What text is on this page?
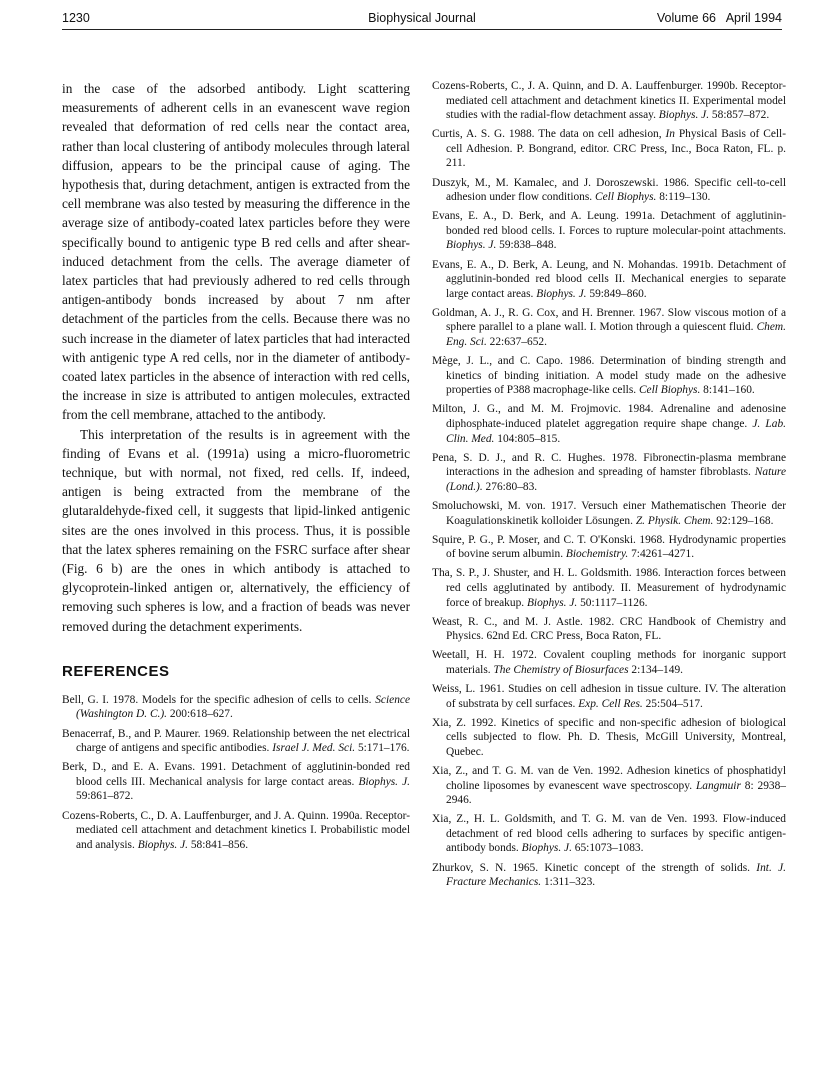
1230	Biophysical Journal	Volume 66   April 1994

in the case of the adsorbed antibody. Light scattering measurements of adherent cells in an evanescent wave region revealed that deformation of red cells near the contact area, rather than local clustering of antibody molecules through lateral diffusion, appears to be the principal cause of aging. The hypothesis that, during detachment, antigen is extracted from the cell membrane was also tested by measuring the difference in the average size of antibody-coated latex particles before they were specifically bound to antigenic type B red cells and after shear-induced detachment from the cells. The average diameter of latex particles that had previously adhered to red cells through antigen-antibody bonds increased by about 7 nm after detachment of the particles from the cells. Because there was no such increase in the diameter of latex particles that had interacted with antigenic type A red cells, nor in the diameter of antibody-coated latex particles in the absence of interaction with red cells, the increase in size is attributed to antigen molecules, extracted from the cell membrane, attached to the antibody.

This interpretation of the results is in agreement with the finding of Evans et al. (1991a) using a micro-fluorometric technique, but with normal, not fixed, red cells. If, indeed, antigen is being extracted from the membrane of the glutaraldehyde-fixed cell, it suggests that lipid-linked antigenic sites are the ones involved in this process. Thus, it is possible that the latex spheres remaining on the FSRC surface after shear (Fig. 6 b) are the ones in which antibody is attached to glycoprotein-linked antigen or, alternatively, the efficiency of removing such spheres is low, and a fraction of beads was never removed during the detachment experiments.

REFERENCES

Bell, G. I. 1978. Models for the specific adhesion of cells to cells. Science (Washington D. C.). 200:618–627.

Benacerraf, B., and P. Maurer. 1969. Relationship between the net electrical charge of antigens and specific antibodies. Israel J. Med. Sci. 5:171–176.

Berk, D., and E. A. Evans. 1991. Detachment of agglutinin-bonded red blood cells III. Mechanical analysis for large contact areas. Biophys. J. 59:861–872.

Cozens-Roberts, C., D. A. Lauffenburger, and J. A. Quinn. 1990a. Receptor-mediated cell attachment and detachment kinetics I. Probabilistic model and analysis. Biophys. J. 58:841–856.

Cozens-Roberts, C., J. A. Quinn, and D. A. Lauffenburger. 1990b. Receptor-mediated cell attachment and detachment kinetics II. Experimental model studies with the radial-flow detachment assay. Biophys. J. 58:857–872.

Curtis, A. S. G. 1988. The data on cell adhesion, In Physical Basis of Cell-cell Adhesion. P. Bongrand, editor. CRC Press, Inc., Boca Raton, FL. p. 211.

Duszyk, M., M. Kamalec, and J. Doroszewski. 1986. Specific cell-to-cell adhesion under flow conditions. Cell Biophys. 8:119–130.

Evans, E. A., D. Berk, and A. Leung. 1991a. Detachment of agglutinin-bonded red blood cells. I. Forces to rupture molecular-point attachments. Biophys. J. 59:838–848.

Evans, E. A., D. Berk, A. Leung, and N. Mohandas. 1991b. Detachment of agglutinin-bonded red blood cells II. Mechanical energies to separate large contact areas. Biophys. J. 59:849–860.

Goldman, A. J., R. G. Cox, and H. Brenner. 1967. Slow viscous motion of a sphere parallel to a plane wall. I. Motion through a quiescent fluid. Chem. Eng. Sci. 22:637–652.

Mège, J. L., and C. Capo. 1986. Determination of binding strength and kinetics of binding initiation. A model study made on the adhesive properties of P388 macrophage-like cells. Cell Biophys. 8:141–160.

Milton, J. G., and M. M. Frojmovic. 1984. Adrenaline and adenosine diphosphate-induced platelet aggregation require shape change. J. Lab. Clin. Med. 104:805–815.

Pena, S. D. J., and R. C. Hughes. 1978. Fibronectin-plasma membrane interactions in the adhesion and spreading of hamster fibroblasts. Nature (Lond.). 276:80–83.

Smoluchowski, M. von. 1917. Versuch einer Mathematischen Theorie der Koagulationskinetik kolloider Lösungen. Z. Physik. Chem. 92:129–168.

Squire, P. G., P. Moser, and C. T. O'Konski. 1968. Hydrodynamic properties of bovine serum albumin. Biochemistry. 7:4261–4271.

Tha, S. P., J. Shuster, and H. L. Goldsmith. 1986. Interaction forces between red cells agglutinated by antibody. II. Measurement of hydrodynamic force of breakup. Biophys. J. 50:1117–1126.

Weast, R. C., and M. J. Astle. 1982. CRC Handbook of Chemistry and Physics. 62nd Ed. CRC Press, Boca Raton, FL.

Weetall, H. H. 1972. Covalent coupling methods for inorganic support materials. The Chemistry of Biosurfaces 2:134–149.

Weiss, L. 1961. Studies on cell adhesion in tissue culture. IV. The alteration of substrata by cell surfaces. Exp. Cell Res. 25:504–517.

Xia, Z. 1992. Kinetics of specific and non-specific adhesion of biological cells subjected to flow. Ph. D. Thesis, McGill University, Montreal, Quebec.

Xia, Z., and T. G. M. van de Ven. 1992. Adhesion kinetics of phosphatidyl choline liposomes by evanescent wave spectroscopy. Langmuir 8: 2938–2946.

Xia, Z., H. L. Goldsmith, and T. G. M. van de Ven. 1993. Flow-induced detachment of red blood cells adhering to surfaces by specific antigen-antibody bonds. Biophys. J. 65:1073–1083.

Zhurkov, S. N. 1965. Kinetic concept of the strength of solids. Int. J. Fracture Mechanics. 1:311–323.
